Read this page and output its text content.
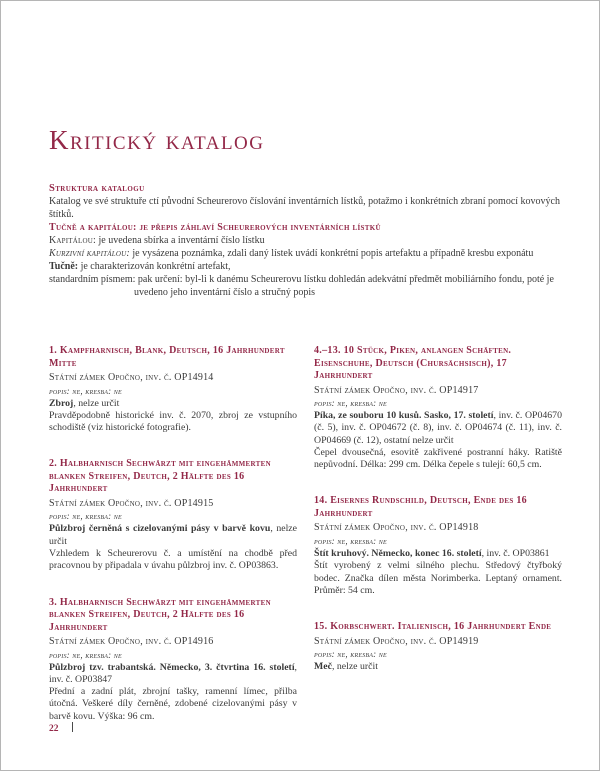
Kritický katalog
Struktura katalogu
Katalog ve své struktuře ctí původní Scheurerovo číslování inventárních lístků, potažmo i konkrétních zbraní pomocí kovových štítků.
Tučně a kapitálou: je přepis záhlaví Scheurerových inventárních lístků
Kapitálou: je uvedena sbírka a inventární číslo lístku
Kurzivní kapitálou: je vysázena poznámka, zdali daný lístek uvádí konkrétní popis artefaktu a případně kresbu exponátu
Tučně: je charakterizován konkrétní artefakt,
standardním písmem: pak určení: byl-li k danému Scheurerovu lístku dohledán adekvátní předmět mobiliárního fondu, poté je uvedeno jeho inventární číslo a stručný popis
1. Kampfharnisch, Blank, Deutsch, 16 Jahrhundert Mitte
Státní zámek Opočno, inv. č. OP14914
popis: ne, kresba: ne
Zbroj, nelze určit
Pravděpodobně historické inv. č. 2070, zbroj ze vstupního schodiště (viz historické fotografie).
2. Halbharnisch Sechwärzt mit eingehämmerten blanken Streifen, Deutch, 2 Hälfte des 16 Jahrhundert
Státní zámek Opočno, inv. č. OP14915
popis: ne, kresba: ne
Půlzbroj černěná s cizelovanými pásy v barvě kovu, nelze určit
Vzhledem k Scheurerovu č. a umístění na chodbě před pracovnou by připadala v úvahu půlzbroj inv. č. OP03863.
3. Halbharnisch Sechwärzt mit eingehämmerten blanken Streifen, Deutch, 2 Hälfte des 16 Jahrhundert
Státní zámek Opočno, inv. č. OP14916
popis: ne, kresba: ne
Půlzbroj tzv. trabantská. Německo, 3. čtvrtina 16. století, inv. č. OP03847
Přední a zadní plát, zbrojní tašky, ramenní límec, přilba útočná. Veškeré díly černěné, zdobené cizelovanými pásy v barvě kovu. Výška: 96 cm.
4.–13. 10 Stück, Piken, anlangen Schäften. Eisenschuhe, Deutsch (Chursächsisch), 17 Jahrhundert
Státní zámek Opočno, inv. č. OP14917
popis: ne, kresba: ne
Píka, ze souboru 10 kusů. Sasko, 17. století, inv. č. OP04670 (č. 5), inv. č. OP04672 (č. 8), inv. č. OP04674 (č. 11), inv. č. OP04669 (č. 12), ostatní nelze určit
Čepel dvousečná, esovitě zakřivené postranní háky. Ratiště nepůvodní. Délka: 299 cm. Délka čepele s tulejí: 60,5 cm.
14. Eisernes Rundschild, Deutsch, Ende des 16 Jahrhundert
Státní zámek Opočno, inv. č. OP14918
popis: ne, kresba: ne
Štít kruhový. Německo, konec 16. století, inv. č. OP03861
Štít vyrobený z velmi silného plechu. Středový čtyřboký bodec. Značka dílen města Norimberka. Leptaný ornament. Průměr: 54 cm.
15. Korbschwert. Italienisch, 16 Jahrhundert Ende
Státní zámek Opočno, inv. č. OP14919
popis: ne, kresba: ne
Meč, nelze určit
22
